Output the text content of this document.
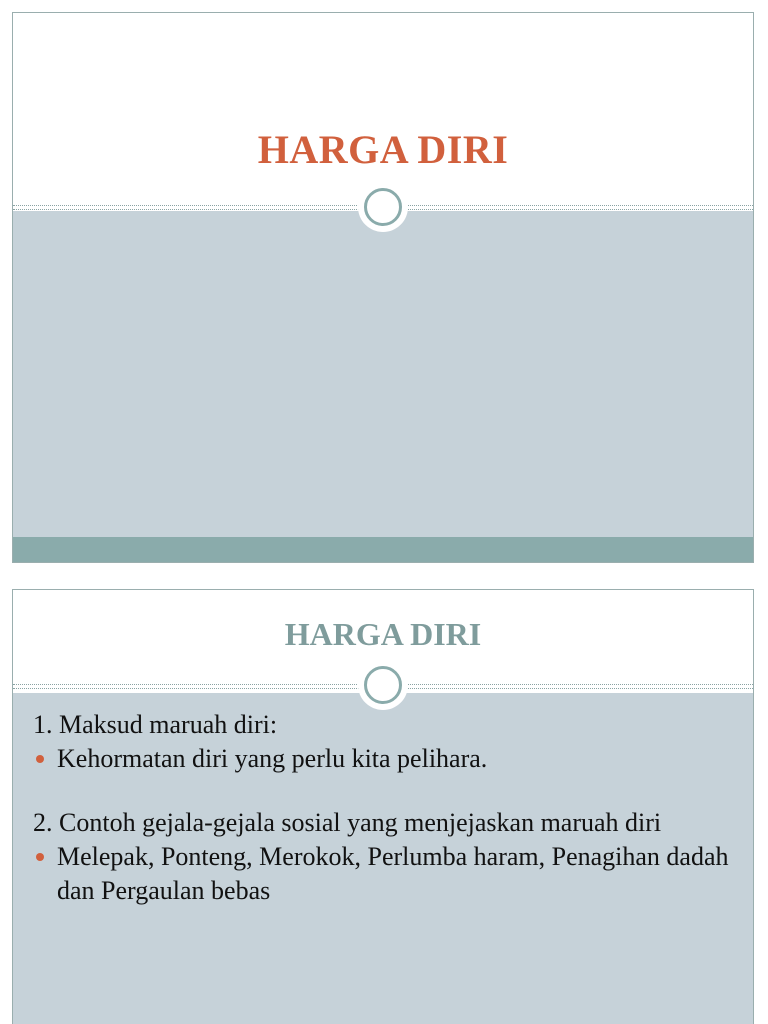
HARGA DIRI
HARGA DIRI

1. Maksud maruah diri:

Kehormatan diri yang perlu kita pelihara.

2. Contoh gejala-gejala sosial yang menjejaskan maruah diri

Melepak, Ponteng, Merokok, Perlumba haram, Penagihan dadah dan Pergaulan bebas
